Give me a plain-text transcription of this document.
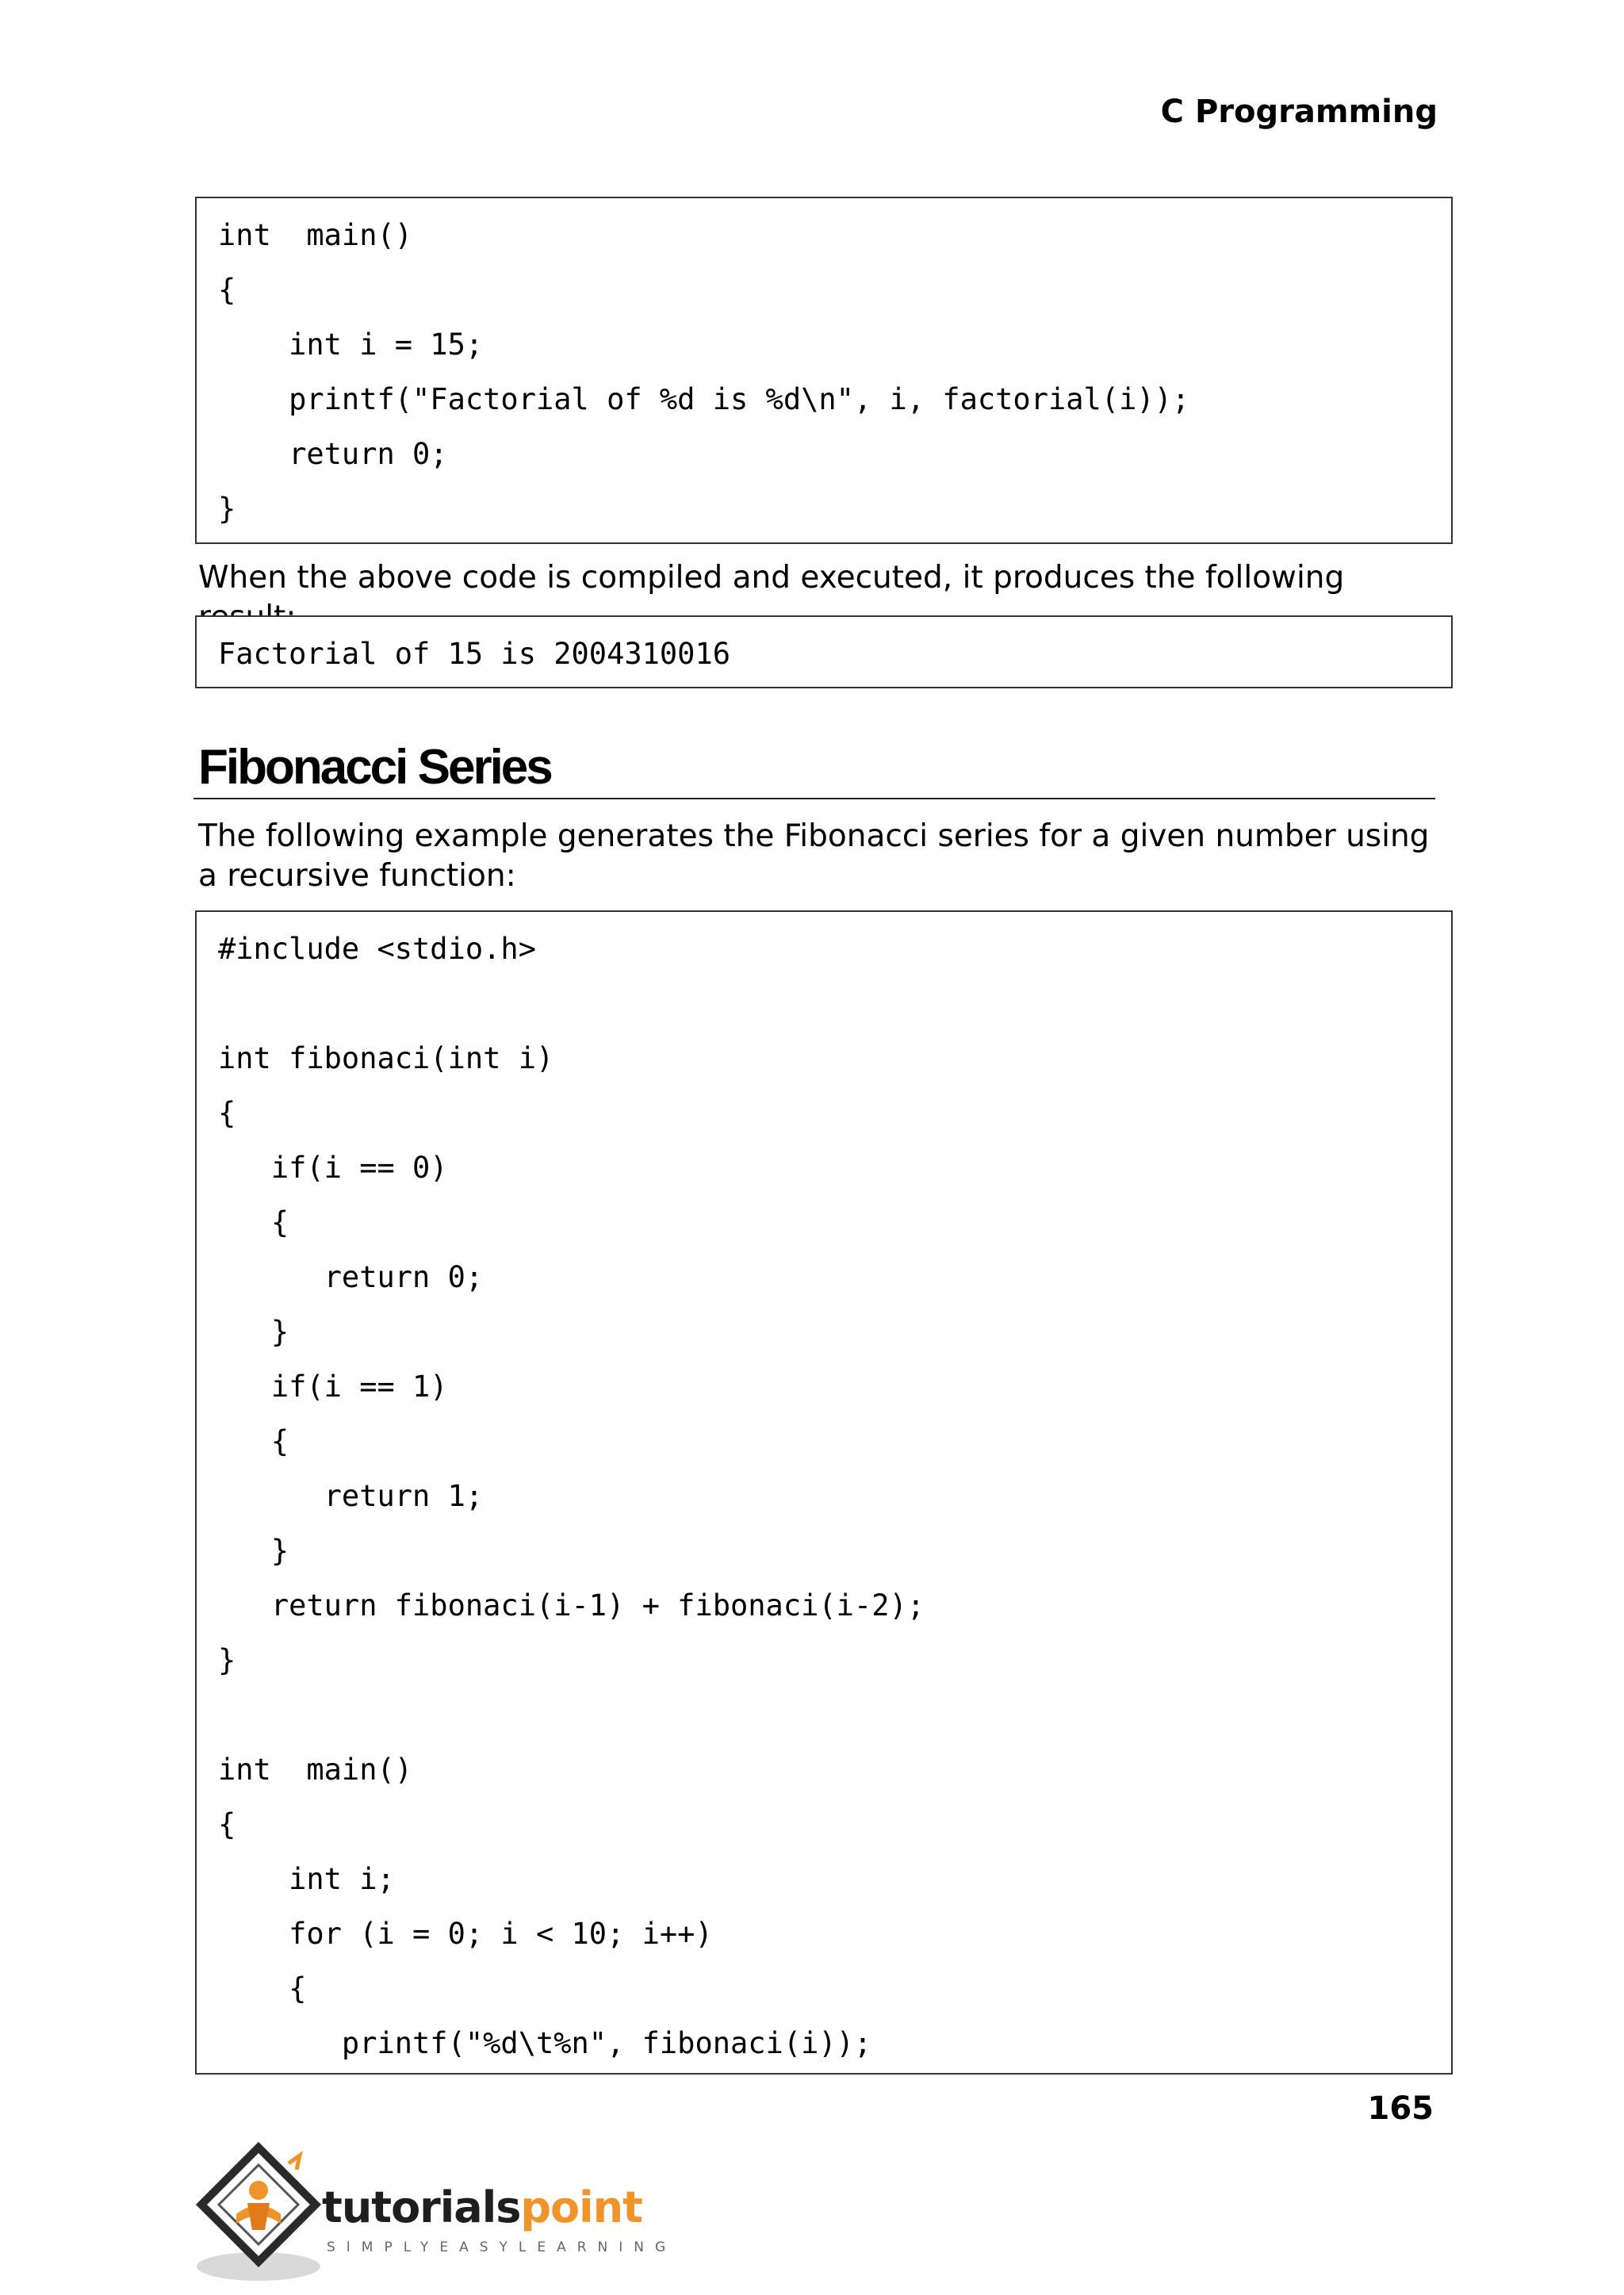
C Programming
int  main()
{
int i = 15;
printf("Factorial of %d is %d\n", i, factorial(i));
return 0;
}
When the above code is compiled and executed, it produces the following
Factorial of 15 is 2004310016
Fibonacci Series
The following example generates the Fibonacci series for a given number using a recursive function:
#include <stdio.h>
int fibonaci(int i)
{
if(i == 0)
{
return 0;
}
if(i == 1)
{
return 1;
}
return fibonaci(i-1) + fibonaci(i-2);
}
int  main()
{
int i;
for (i = 0; i < 10; i++)
{
printf("%d\t%n", fibonaci(i));
165
tutorialspoint
SIMPLYEASYLEARNING
